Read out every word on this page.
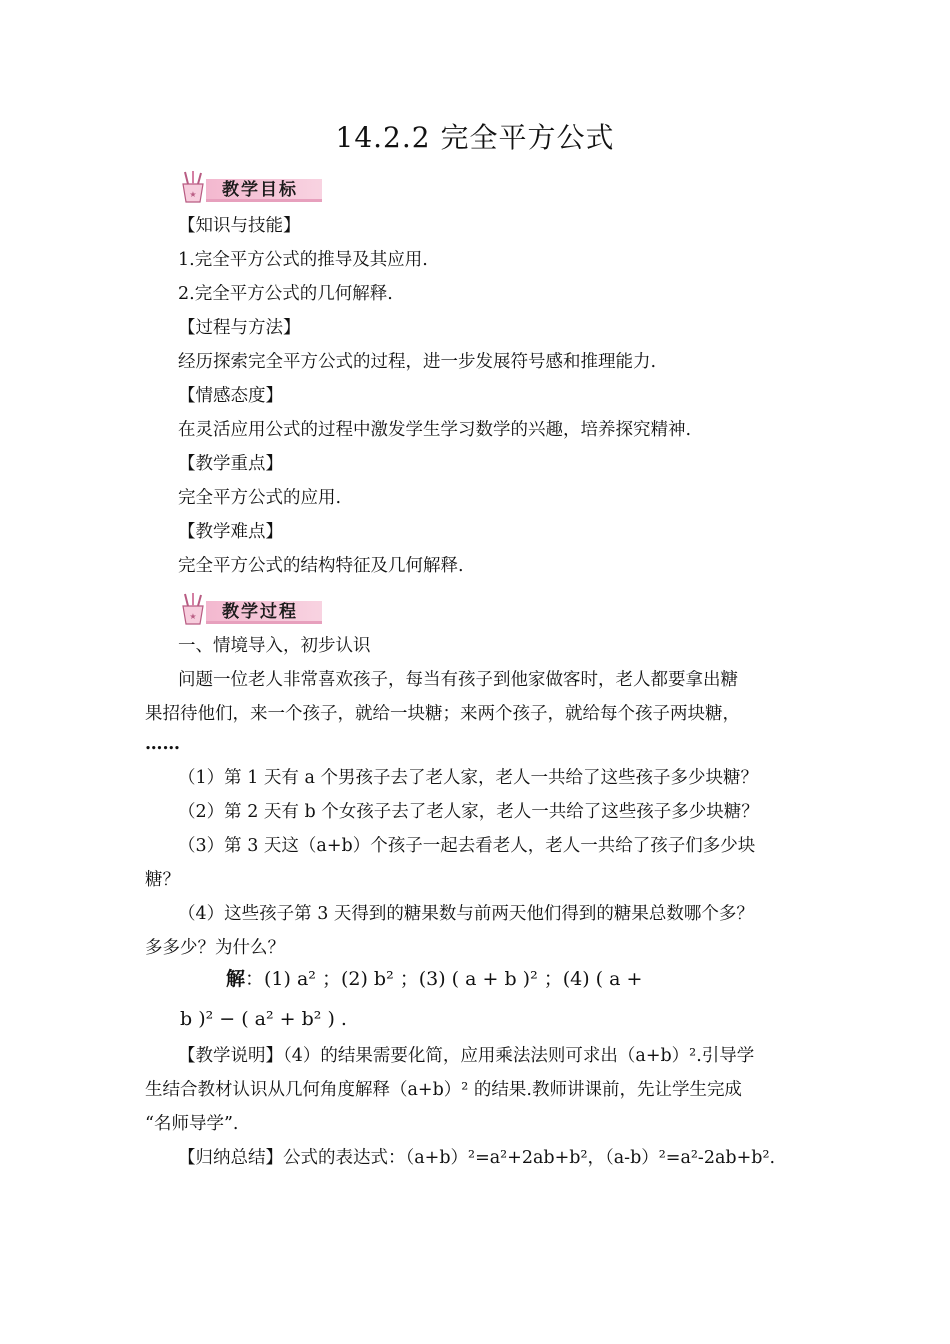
14.2.2 完全平方公式
★ 教学目标
【知识与技能】
1.完全平方公式的推导及其应用.
2.完全平方公式的几何解释.
【过程与方法】
经历探索完全平方公式的过程，进一步发展符号感和推理能力.
【情感态度】
在灵活应用公式的过程中激发学生学习数学的兴趣，培养探究精神.
【教学重点】
完全平方公式的应用.
【教学难点】
完全平方公式的结构特征及几何解释.
★ 教学过程
一、情境导入，初步认识
问题一位老人非常喜欢孩子，每当有孩子到他家做客时，老人都要拿出糖
果招待他们，来一个孩子，就给一块糖；来两个孩子，就给每个孩子两块糖，
……
（1）第 1 天有 a 个男孩子去了老人家，老人一共给了这些孩子多少块糖？
（2）第 2 天有 b 个女孩子去了老人家，老人一共给了这些孩子多少块糖？
（3）第 3 天这（a+b）个孩子一起去看老人，老人一共给了孩子们多少块
糖？
（4）这些孩子第 3 天得到的糖果数与前两天他们得到的糖果总数哪个多？
多多少？为什么？
解：(1) a² ；(2) b² ；(3) ( a + b )² ；(4) ( a +
b )² − ( a² + b² ) .
【教学说明】（4）的结果需要化简，应用乘法法则可求出（a+b）².引导学
生结合教材认识从几何角度解释（a+b）² 的结果.教师讲课前，先让学生完成
“名师导学”.
【归纳总结】公式的表达式：（a+b）²=a²+2ab+b²，（a-b）²=a²-2ab+b².
